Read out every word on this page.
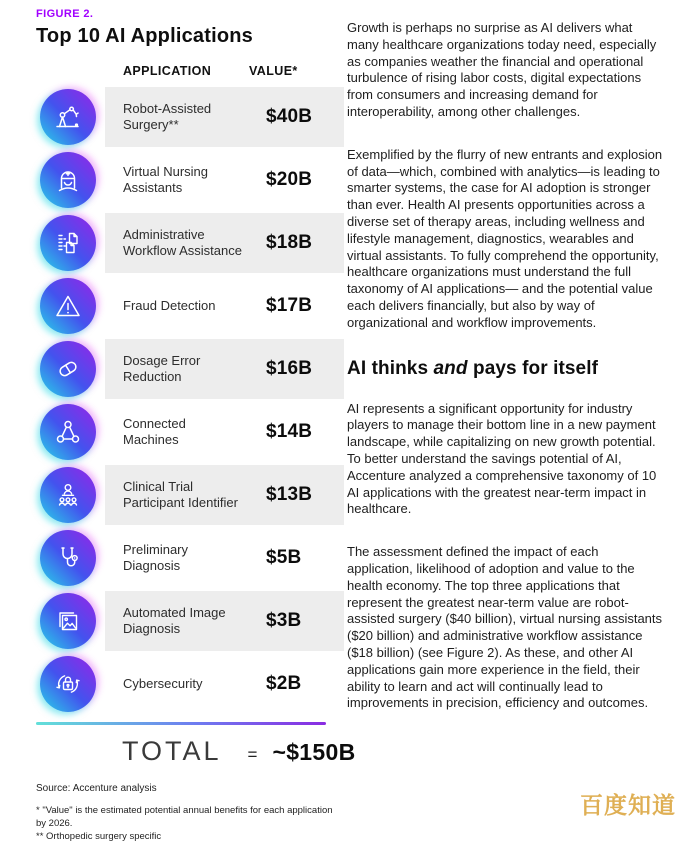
FIGURE 2.
Top 10 AI Applications
APPLICATION	VALUE*
Robot-Assisted Surgery**	$40B
Virtual Nursing Assistants	$20B
Administrative Workflow Assistance $18B
Fraud Detection	$17B
Dosage Error Reduction	$16B
Connected Machines	$14B
Clinical Trial Participant Identifier	$13B
Preliminary Diagnosis	$5B
Automated Image Diagnosis	$3B
Cybersecurity	$2B
TOTAL = ~$150B
Source: Accenture analysis
* "Value" is the estimated potential annual benefits for each application by 2026.
** Orthopedic surgery specific

Growth is perhaps no surprise as AI delivers what many healthcare organizations today need, especially as companies weather the financial and operational turbulence of rising labor costs, digital expectations from consumers and increasing demand for interoperability, among other challenges.

Exemplified by the flurry of new entrants and explosion of data—which, combined with analytics—is leading to smarter systems, the case for AI adoption is stronger than ever. Health AI presents opportunities across a diverse set of therapy areas, including wellness and lifestyle management, diagnostics, wearables and virtual assistants. To fully comprehend the opportunity, healthcare organizations must understand the full taxonomy of AI applications— and the potential value each delivers financially, but also by way of organizational and workflow improvements.

AI thinks and pays for itself

AI represents a significant opportunity for industry players to manage their bottom line in a new payment landscape, while capitalizing on new growth potential. To better understand the savings potential of AI, Accenture analyzed a comprehensive taxonomy of 10 AI applications with the greatest near-term impact in healthcare.

The assessment defined the impact of each application, likelihood of adoption and value to the health economy. The top three applications that represent the greatest near-term value are robot-assisted surgery ($40 billion), virtual nursing assistants ($20 billion) and administrative workflow assistance ($18 billion) (see Figure 2). As these, and other AI applications gain more experience in the field, their ability to learn and act will continually lead to improvements in precision, efficiency and outcomes.

百度知道
